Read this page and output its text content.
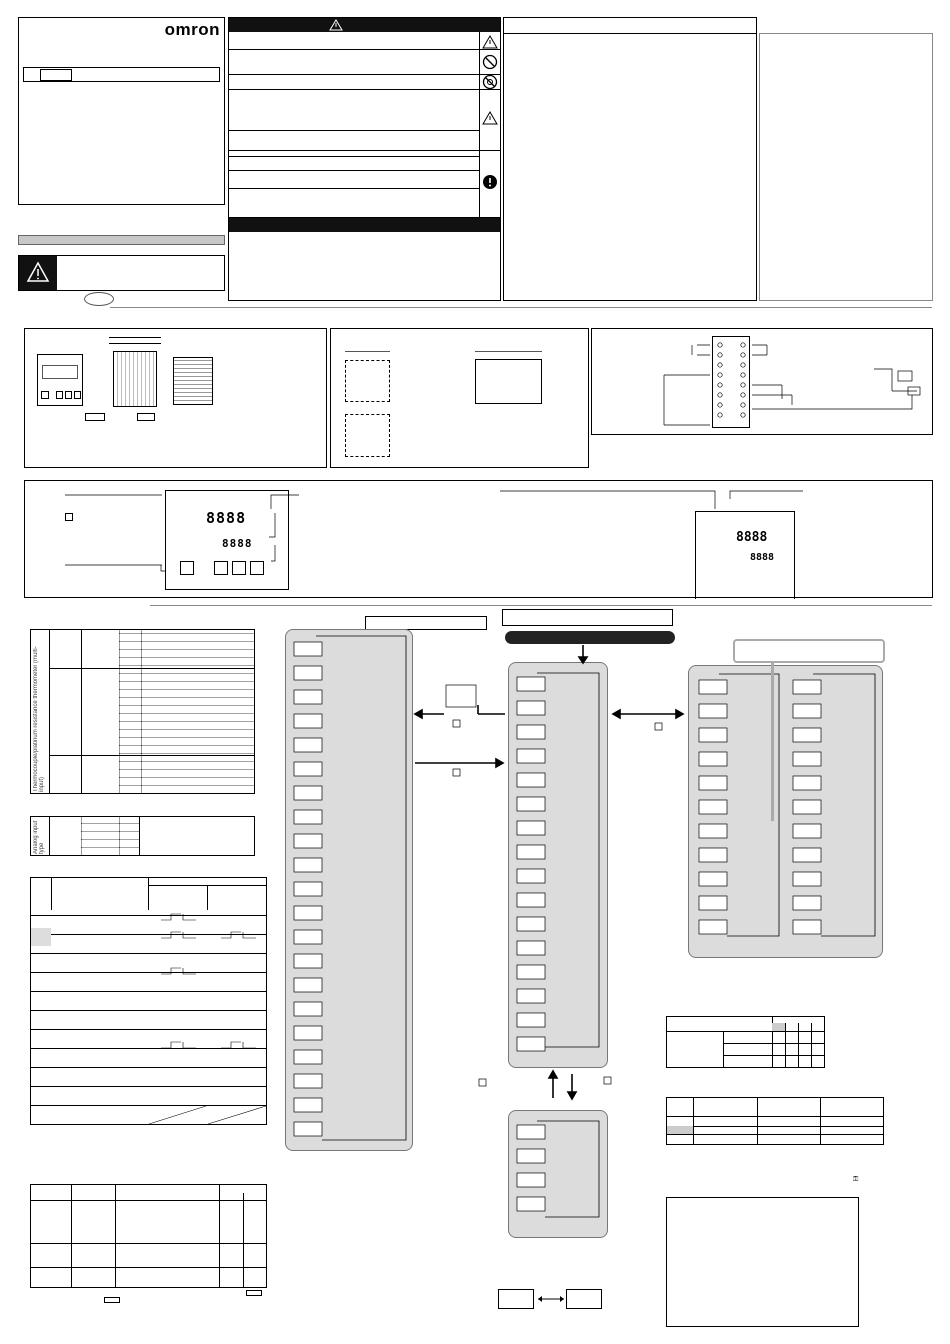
omron
8888
8888	8888
8888
Thermocouple/platinum resistance thermometer (multi-input)
Analog input type
⚿
